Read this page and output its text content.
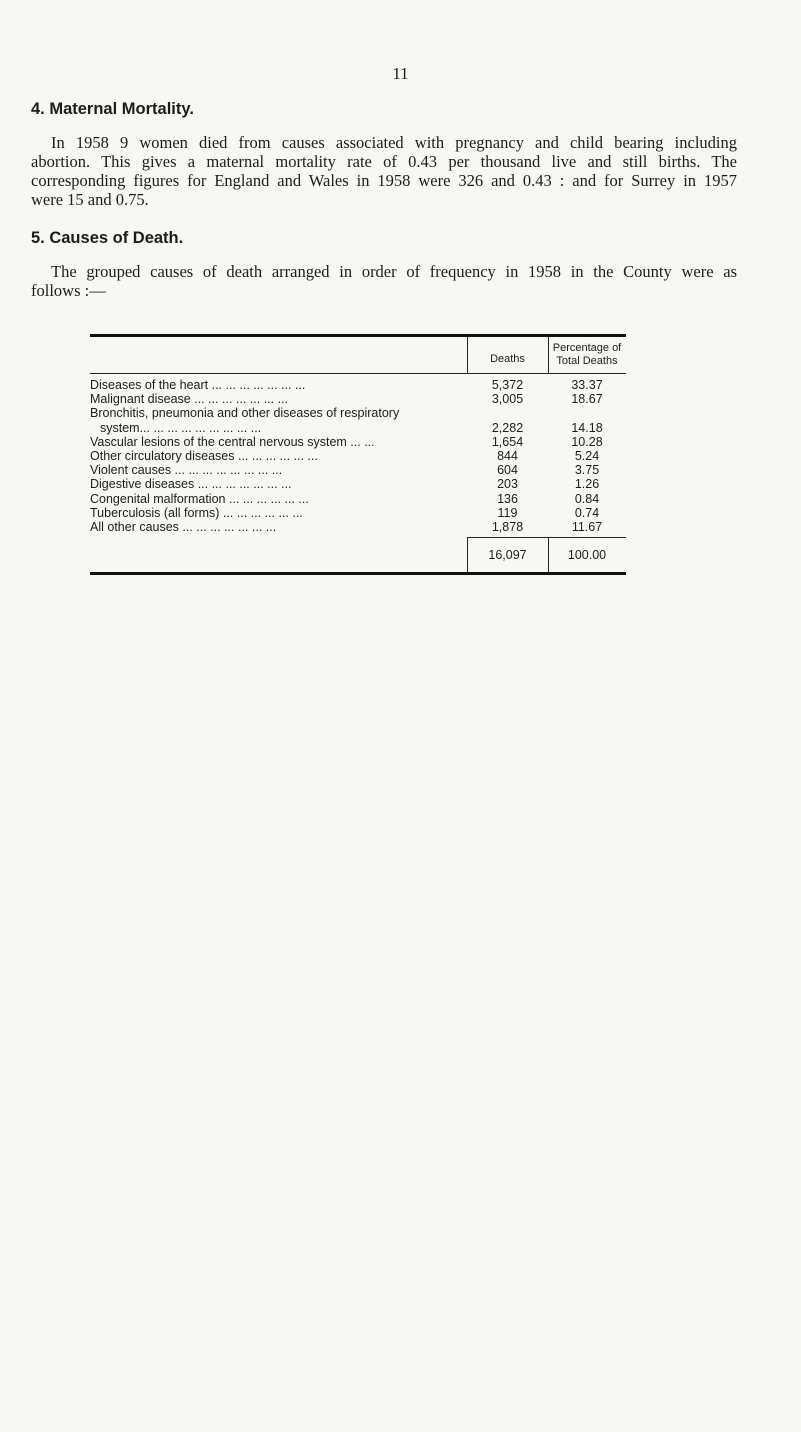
11
4. Maternal Mortality.

In 1958 9 women died from causes associated with pregnancy and child bearing including
abortion. This gives a maternal mortality rate of 0.43 per thousand live and still births. The
corresponding figures for England and Wales in 1958 were 326 and 0.43 : and for Surrey in 1957
were 15 and 0.75.

5. Causes of Death.

The grouped causes of death arranged in order of frequency in 1958 in the County were as
follows :—

Deaths
Percentage of
Total Deaths
Diseases of the heart ... ... ... ... ... ... ...	5,372	33.37
Malignant disease ... ... ... ... ... ... ...	3,005	18.67
Bronchitis, pneumonia and other diseases of respiratory
system... ... ... ... ... ... ... ... ...	2,282	14.18
Vascular lesions of the central nervous system ... ...	1,654	10.28
Other circulatory diseases ... ... ... ... ... ...	844	5.24
Violent causes ... ... ... ... ... ... ... ...	604	3.75
Digestive diseases ... ... ... ... ... ... ...	203	1.26
Congenital malformation ... ... ... ... ... ...	136	0.84
Tuberculosis (all forms) ... ... ... ... ... ...	119	0.74
All other causes ... ... ... ... ... ... ...	1,878	11.67
16,097	100.00
